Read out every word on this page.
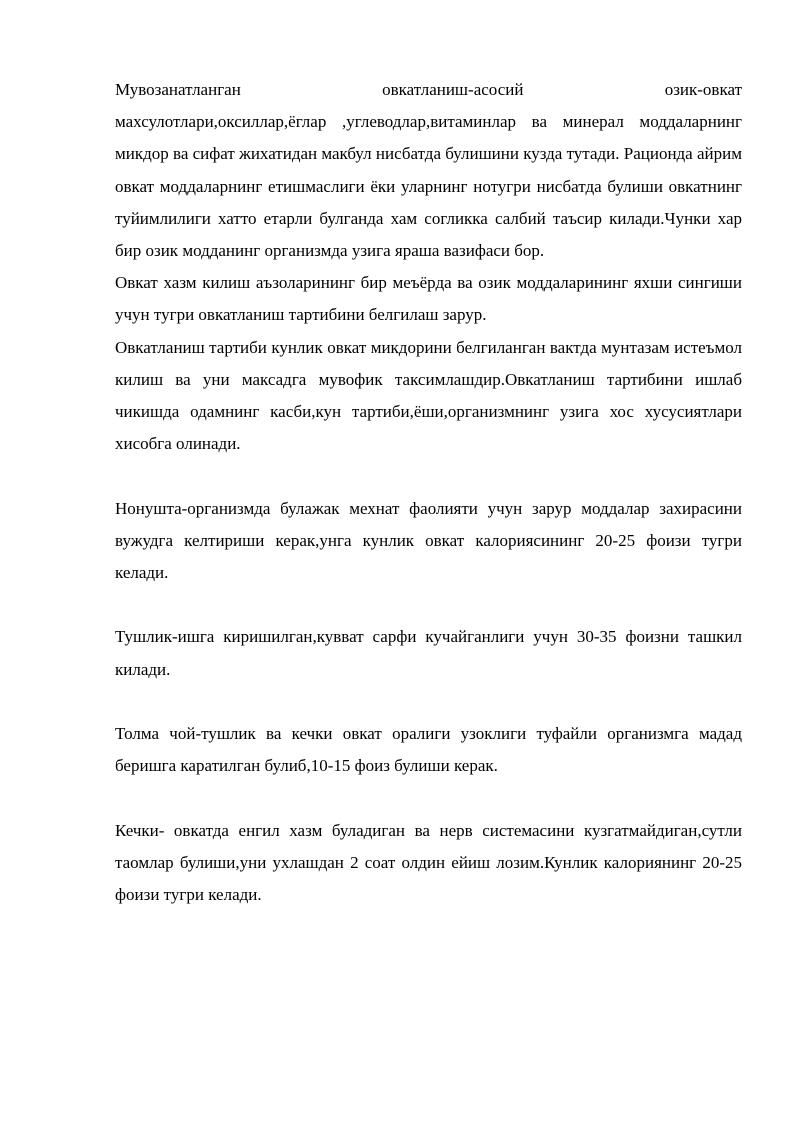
Мувозанатланган овкатланиш-асосий озик-овкат

махсулотлари,оксиллар,ёглар ,углеводлар,витаминлар ва минерал моддаларнинг микдор ва сифат жихатидан макбул нисбатда булишини кузда тутади. Рационда айрим овкат моддаларнинг етишмаслиги ёки уларнинг нотугри нисбатда булиши овкатнинг туйимлилиги хатто етарли булганда хам согликка салбий таъсир килади.Чунки хар бир озик модданинг организмда узига яраша вазифаси бор.

Овкат хазм килиш аъзоларининг бир меъёрда ва озик моддаларининг яхши сингиши учун тугри овкатланиш тартибини белгилаш зарур.

Овкатланиш тартиби кунлик овкат микдорини белгиланган вактда мунтазам истеъмол килиш ва уни максадга мувофик таксимлашдир.Овкатланиш тартибини ишлаб чикишда одамнинг касби,кун тартиби,ёши,организмнинг узига хос хусусиятлари хисобга олинади.

Нонушта-организмда булажак мехнат фаолияти учун зарур моддалар захирасини вужудга келтириши керак,унга кунлик овкат калориясининг 20-25 фоизи тугри келади.

Тушлик-ишга киришилган,кувват сарфи кучайганлиги учун 30-35 фоизни ташкил килади.

Толма чой-тушлик ва кечки овкат оралиги узоклиги туфайли организмга мадад беришга каратилган булиб,10-15 фоиз булиши керак.

Кечки- овкатда енгил хазм буладиган ва нерв системасини кузгатмайдиган,сутли таомлар булиши,уни ухлашдан 2 соат олдин ейиш лозим.Кунлик калориянинг 20-25 фоизи тугри келади.
